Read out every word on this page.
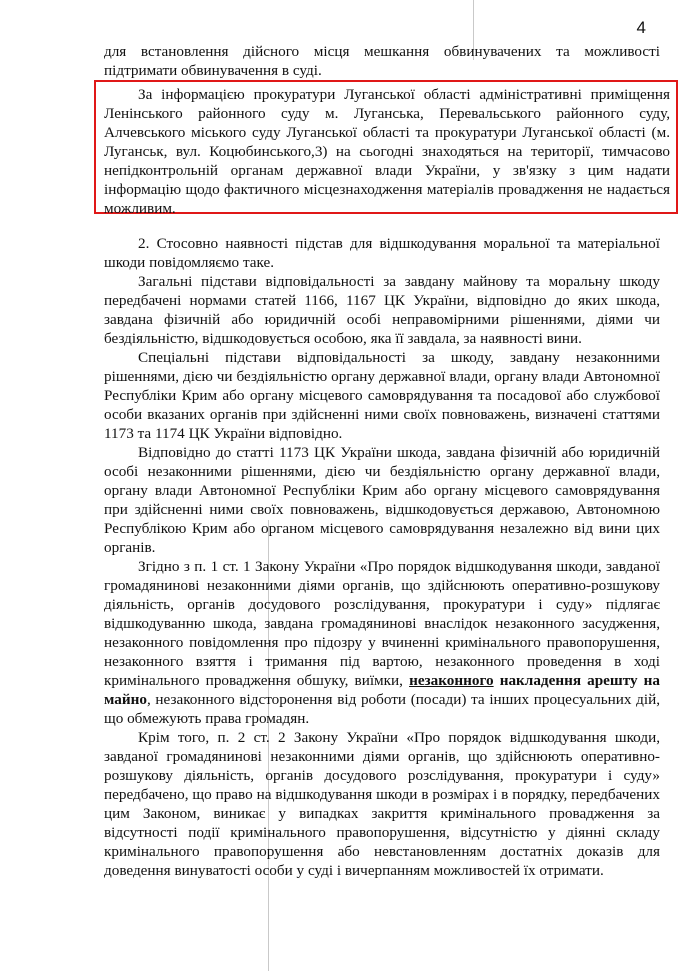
4

для встановлення дійсного місця мешкання обвинувачених та можливості підтримати обвинувачення в суді.

За інформацією прокуратури Луганської області адміністративні приміщення Ленінського районного суду м. Луганська, Перевальського районного суду, Алчевського міського суду Луганської області та прокуратури Луганської області (м. Луганськ, вул. Коцюбинського,3) на сьогодні знаходяться на території, тимчасово непідконтрольній органам державної влади України, у зв'язку з цим надати інформацію щодо фактичного місцезнаходження матеріалів провадження не надається можливим.

2. Стосовно наявності підстав для відшкодування моральної та матеріальної шкоди повідомляємо таке.

Загальні підстави відповідальності за завдану майнову та моральну шкоду передбачені нормами статей 1166, 1167 ЦК України, відповідно до яких шкода, завдана фізичній або юридичній особі неправомірними рішеннями, діями чи бездіяльністю, відшкодовується особою, яка її завдала, за наявності вини.

Спеціальні підстави відповідальності за шкоду, завдану незаконними рішеннями, дією чи бездіяльністю органу державної влади, органу влади Автономної Республіки Крим або органу місцевого самоврядування та посадової або службової особи вказаних органів при здійсненні ними своїх повноважень, визначені статтями 1173 та 1174 ЦК України відповідно.

Відповідно до статті 1173 ЦК України шкода, завдана фізичній або юридичній особі незаконними рішеннями, дією чи бездіяльністю органу державної влади, органу влади Автономної Республіки Крим або органу місцевого самоврядування при здійсненні ними своїх повноважень, відшкодовується державою, Автономною Республікою Крим або органом місцевого самоврядування незалежно від вини цих органів.

Згідно з п. 1 ст. 1 Закону України «Про порядок відшкодування шкоди, завданої громадянинові незаконними діями органів, що здійснюють оперативно-розшукову діяльність, органів досудового розслідування, прокуратури і суду» підлягає відшкодуванню шкода, завдана громадянинові внаслідок незаконного засудження, незаконного повідомлення про підозру у вчиненні кримінального правопорушення, незаконного взяття і тримання під вартою, незаконного проведення в ході кримінального провадження обшуку, виїмки, незаконного накладення арешту на майно, незаконного відсторонення від роботи (посади) та інших процесуальних дій, що обмежують права громадян.

Крім того, п. 2 ст. 2 Закону України «Про порядок відшкодування шкоди, завданої громадянинові незаконними діями органів, що здійснюють оперативно-розшукову діяльність, органів досудового розслідування, прокуратури і суду» передбачено, що право на відшкодування шкоди в розмірах і в порядку, передбачених цим Законом, виникає у випадках закриття кримінального провадження за відсутності події кримінального правопорушення, відсутністю у діянні складу кримінального правопорушення або невстановленням достатніх доказів для доведення винуватості особи у суді і вичерпанням можливостей їх отримати.
